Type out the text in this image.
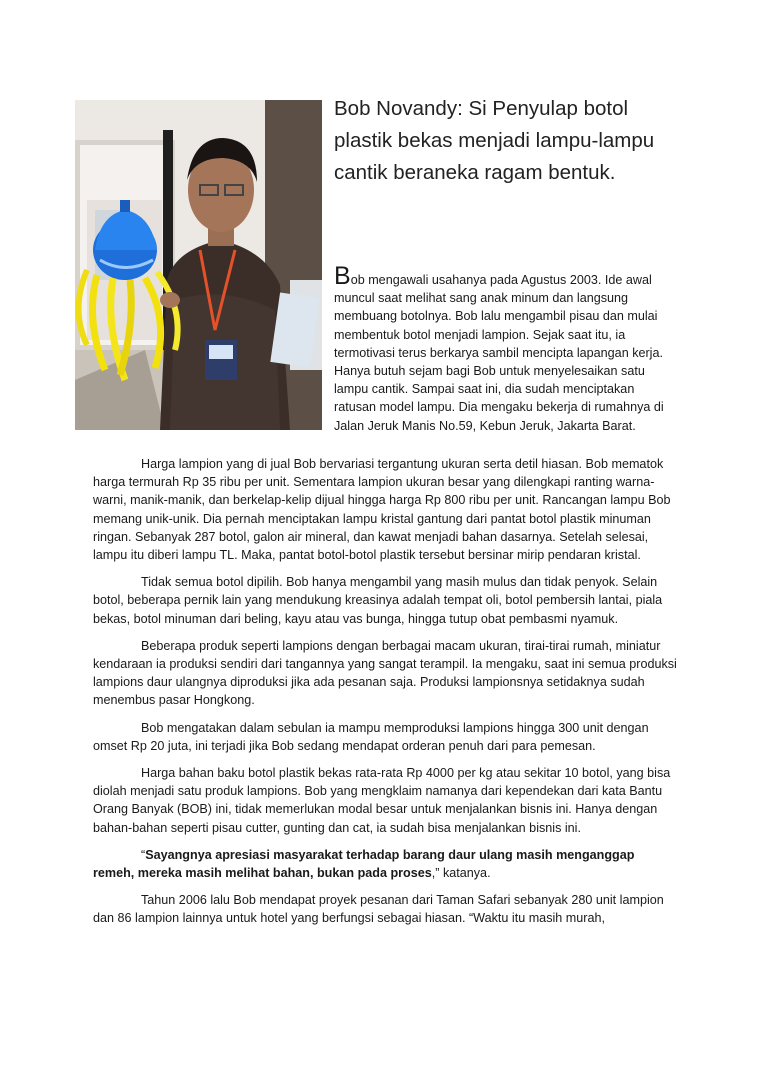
Bob Novandy: Si Penyulap botol plastik bekas menjadi lampu-lampu cantik beraneka ragam bentuk.
Bob mengawali usahanya pada Agustus 2003. Ide awal
muncul saat melihat sang anak minum dan langsung membuang botolnya. Bob lalu mengambil pisau dan mulai membentuk botol menjadi lampion. Sejak saat itu, ia termotivasi terus berkarya sambil mencipta lapangan kerja. Hanya butuh sejam bagi Bob untuk menyelesaikan satu lampu cantik. Sampai saat ini, dia sudah menciptakan ratusan model lampu. Dia mengaku bekerja di rumahnya di Jalan Jeruk Manis No.59, Kebun Jeruk, Jakarta Barat.

Harga lampion yang di jual Bob bervariasi tergantung ukuran serta detil hiasan. Bob mematok harga termurah Rp 35 ribu per unit. Sementara lampion ukuran besar yang dilengkapi ranting warna-warni, manik-manik, dan berkelap-kelip dijual hingga harga Rp 800 ribu per unit. Rancangan lampu Bob memang unik-unik. Dia pernah menciptakan lampu kristal gantung dari pantat botol plastik minuman ringan. Sebanyak 287 botol, galon air mineral, dan kawat menjadi bahan dasarnya. Setelah selesai, lampu itu diberi lampu TL. Maka, pantat botol-botol plastik tersebut bersinar mirip pendaran kristal.

Tidak semua botol dipilih. Bob hanya mengambil yang masih mulus dan tidak penyok. Selain botol, beberapa pernik lain yang mendukung kreasinya adalah tempat oli, botol pembersih lantai, piala bekas, botol minuman dari beling, kayu atau vas bunga, hingga tutup obat pembasmi nyamuk.

Beberapa produk seperti lampions dengan berbagai macam ukuran, tirai-tirai rumah, miniatur kendaraan ia produksi sendiri dari tangannya yang sangat terampil. Ia mengaku, saat ini semua produksi lampions daur ulangnya diproduksi jika ada pesanan saja. Produksi lampionsnya setidaknya sudah menembus pasar Hongkong.

Bob mengatakan dalam sebulan ia mampu memproduksi lampions hingga 300 unit dengan omset Rp 20 juta, ini terjadi jika Bob sedang mendapat orderan penuh dari para pemesan.

Harga bahan baku botol plastik bekas rata-rata Rp 4000 per kg atau sekitar 10 botol, yang bisa diolah menjadi satu produk lampions. Bob yang mengklaim namanya dari kependekan dari kata Bantu Orang Banyak (BOB) ini, tidak memerlukan modal besar untuk menjalankan bisnis ini. Hanya dengan bahan-bahan seperti pisau cutter, gunting dan cat, ia sudah bisa menjalankan bisnis ini.

“Sayangnya apresiasi masyarakat terhadap barang daur ulang masih menganggap remeh, mereka masih melihat bahan, bukan pada proses,” katanya.

Tahun 2006 lalu Bob mendapat proyek pesanan dari Taman Safari sebanyak 280 unit lampion dan 86 lampion lainnya untuk hotel yang berfungsi sebagai hiasan. “Waktu itu masih murah,
